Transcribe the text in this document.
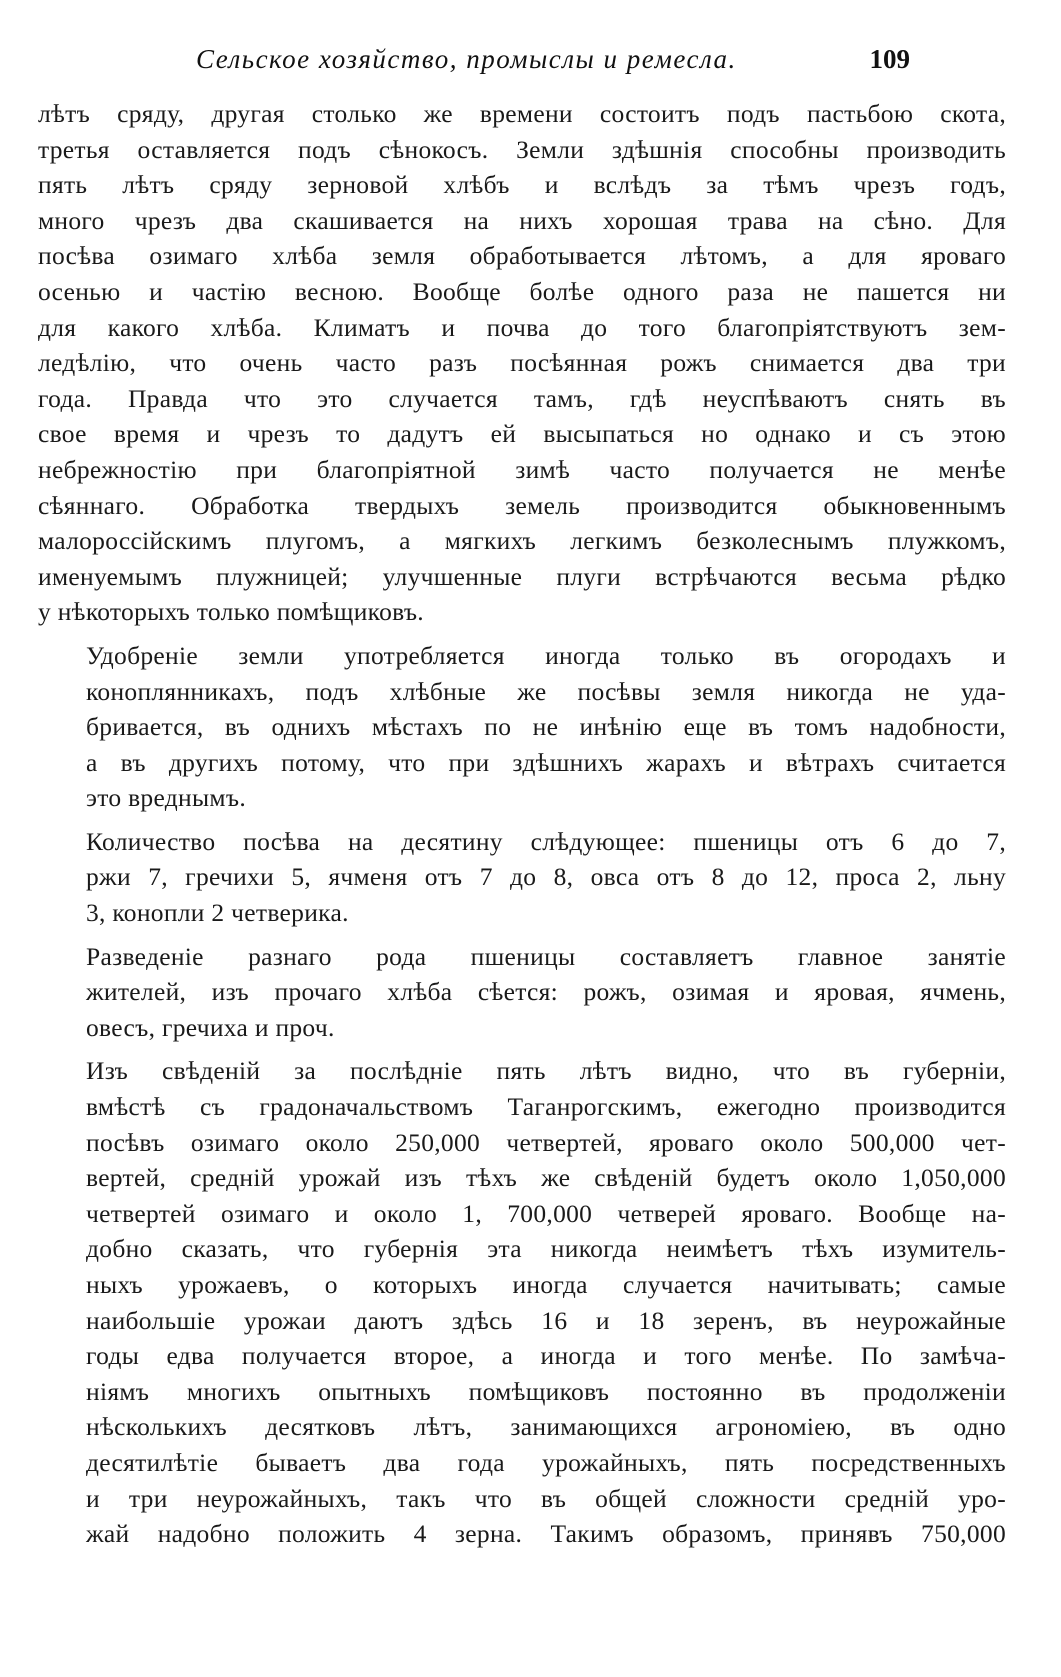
Сельское хозяйство, промыслы и ремесла.	109

лѣтъ сряду, другая столько же времени состоитъ подъ пастьбою скота,
третья оставляется подъ сѣнокосъ. Земли здѣшнія способны производить
пять лѣтъ сряду зерновой хлѣбъ и вслѣдъ за тѣмъ чрезъ годъ,
много чрезъ два скашивается на нихъ хорошая трава на сѣно. Для
посѣва озимаго хлѣба земля обработывается лѣтомъ, а для яроваго
осенью и частію весною. Вообще болѣе одного раза не пашется ни
для какого хлѣба. Климатъ и почва до того благопріятствуютъ зем-
ледѣлію, что очень часто разъ посѣянная рожъ снимается два три
года. Правда что это случается тамъ, гдѣ неуспѣваютъ снять въ
свое время и чрезъ то дадутъ ей высыпаться но однако и съ этою
небрежностію при благопріятной зимѣ часто получается не менѣе
сѣяннаго. Обработка твердыхъ земель производится обыкновеннымъ
малороссійскимъ плугомъ, а мягкихъ легкимъ безколеснымъ плужкомъ,
именуемымъ плужницей; улучшенные плуги встрѣчаются весьма рѣдко
у нѣкоторыхъ только помѣщиковъ.

Удобреніе земли употребляется иногда только въ огородахъ и
коноплянникахъ, подъ хлѣбные же посѣвы земля никогда не уда-
бривается, въ однихъ мѣстахъ по не инѣнію еще въ томъ надобности,
а въ другихъ потому, что при здѣшнихъ жарахъ и вѣтрахъ считается
это вреднымъ.

Количество посѣва на десятину слѣдующее: пшеницы отъ 6 до 7,
ржи 7, гречихи 5, ячменя отъ 7 до 8, овса отъ 8 до 12, проса 2, льну
3, конопли 2 четверика.

Разведеніе разнаго рода пшеницы составляетъ главное занятіе
жителей, изъ прочаго хлѣба сѣется: рожъ, озимая и яровая, ячмень,
овесъ, гречиха и проч.

Изъ свѣденій за послѣдніе пять лѣтъ видно, что въ губерніи,
вмѣстѣ съ градоначальствомъ Таганрогскимъ, ежегодно производится
посѣвъ озимаго около 250,000 четвертей, яроваго около 500,000 чет-
вертей, средній урожай изъ тѣхъ же свѣденій будетъ около 1,050,000
четвертей озимаго и около 1, 700,000 четверей яроваго. Вообще на-
добно сказать, что губернія эта никогда неимѣетъ тѣхъ изумитель-
ныхъ урожаевъ, о которыхъ иногда случается начитывать; самые
наибольшіе урожаи даютъ здѣсь 16 и 18 зеренъ, въ неурожайные
годы едва получается второе, а иногда и того менѣе. По замѣча-
ніямъ многихъ опытныхъ помѣщиковъ постоянно въ продолженіи
нѣсколькихъ десятковъ лѣтъ, занимающихся агрономіею, въ одно
десятилѣтіе бываетъ два года урожайныхъ, пять посредственныхъ
и три неурожайныхъ, такъ что въ общей сложности средній уро-
жай надобно положить 4 зерна. Такимъ образомъ, принявъ 750,000
